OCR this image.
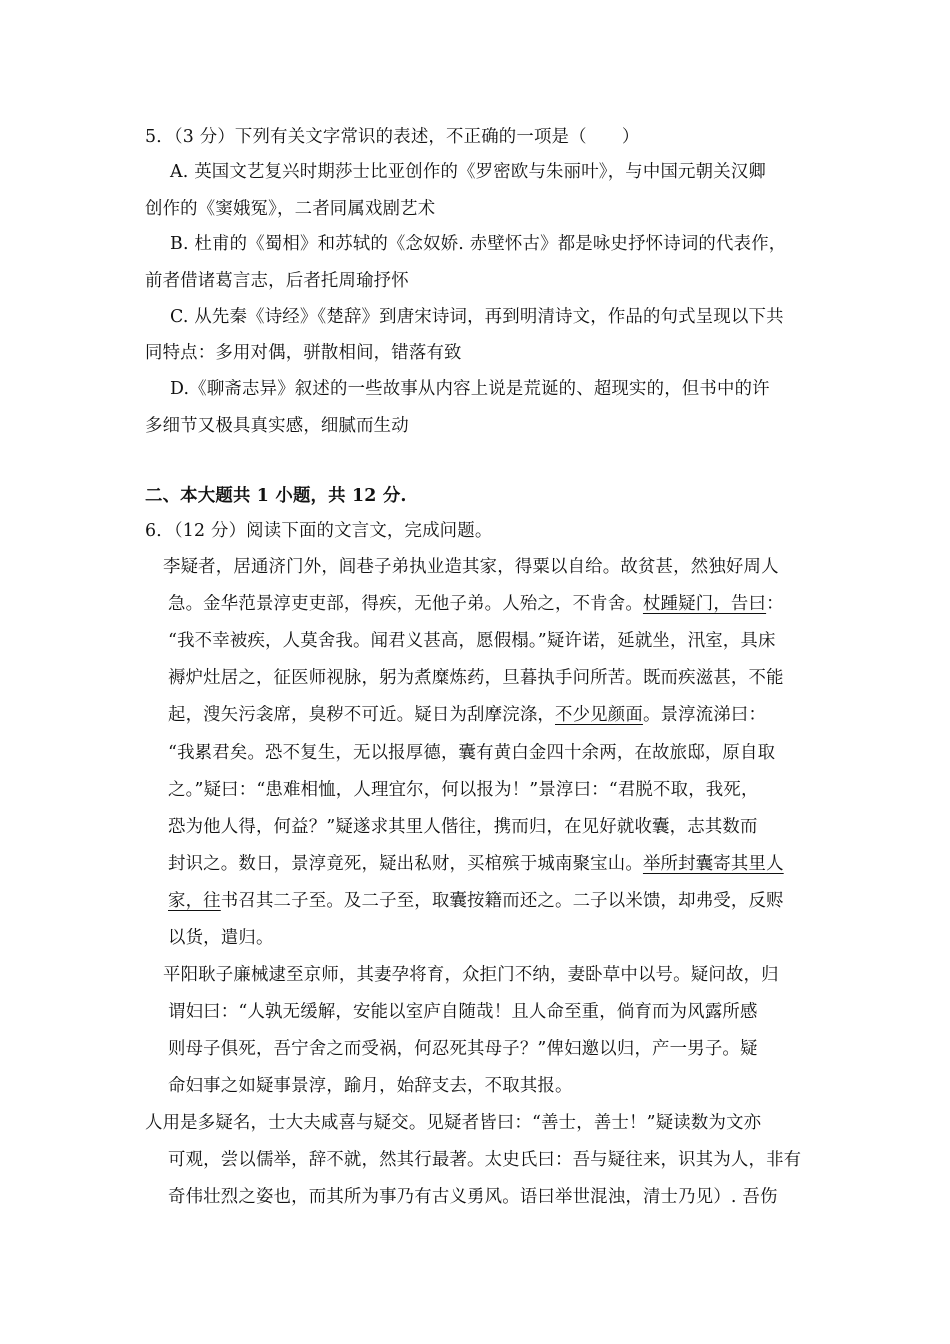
5．（3 分）下列有关文字常识的表述，不正确的一项是（　　）
A. 英国文艺复兴时期莎士比亚创作的《罗密欧与朱丽叶》，与中国元朝关汉卿
创作的《窦娥冤》，二者同属戏剧艺术
B. 杜甫的《蜀相》和苏轼的《念奴娇. 赤壁怀古》都是咏史抒怀诗词的代表作，
前者借诸葛言志，后者托周瑜抒怀
C. 从先秦《诗经》《楚辞》到唐宋诗词，再到明清诗文，作品的句式呈现以下共
同特点：多用对偶，骈散相间，错落有致
D.《聊斋志异》叙述的一些故事从内容上说是荒诞的、超现实的，但书中的许
多细节又极具真实感，细腻而生动
二、本大题共 1 小题，共 12 分.
6．（12 分）阅读下面的文言文，完成问题。
李疑者，居通济门外，闾巷子弟执业造其家，得粟以自给。故贫甚，然独好周人
急。金华范景淳吏吏部，得疾，无他子弟。人殆之，不肯舍。杖踵疑门，告曰：
“我不幸被疾，人莫舍我。闻君义甚高，愿假榻。”疑许诺，延就坐，汛室，具床
褥炉灶居之，征医师视脉，躬为煮糜炼药，旦暮执手问所苦。既而疾滋甚，不能
起，溲矢污衾席，臭秽不可近。疑日为刮摩浣涤，不少见颜面。景淳流涕曰：
“我累君矣。恐不复生，无以报厚德，囊有黄白金四十余两，在故旅邸，原自取
之。”疑曰：“患难相恤，人理宜尔，何以报为！”景淳曰：“君脱不取，我死，
恐为他人得，何益？”疑遂求其里人偕往，携而归，在见好就收囊，志其数而
封识之。数日，景淳竟死，疑出私财，买棺殡于城南聚宝山。举所封囊寄其里人
家，往书召其二子至。及二子至，取囊按籍而还之。二子以米馈，却弗受，反赆
以货，遣归。
平阳耿子廉械逮至京师，其妻孕将育，众拒门不纳，妻卧草中以号。疑问故，归
谓妇曰：“人孰无缓解，安能以室庐自随哉！且人命至重，倘育而为风露所感
则母子俱死，吾宁舍之而受祸，何忍死其母子？”俾妇邀以归，产一男子。疑
命妇事之如疑事景淳，踰月，始辞支去，不取其报。
人用是多疑名，士大夫咸喜与疑交。见疑者皆曰：“善士，善士！”疑读数为文亦
可观，尝以儒举，辞不就，然其行最著。太史氏曰：吾与疑往来，识其为人，非有
奇伟壮烈之姿也，而其所为事乃有古义勇风。语曰举世混浊，清士乃见）. 吾伤
